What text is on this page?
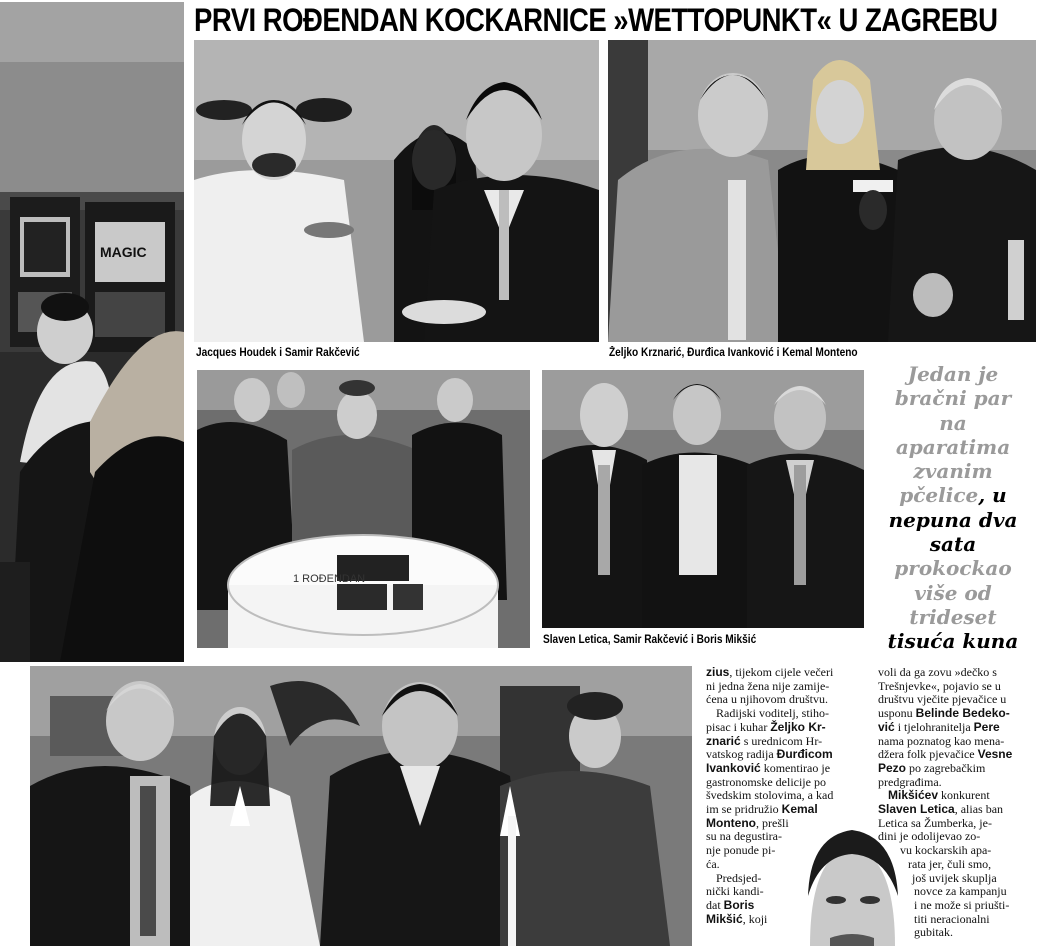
PRVI ROĐENDAN KOCKARNICE »WETTOPUNKT« U ZAGREBU
MAGIC
Jacques Houdek i Samir Rakčević	Željko Krznarić, Đurđica Ivanković i Kemal Monteno
1 ROĐENDAN
Slaven Letica, Samir Rakčević i Boris Mikšić
Jedan je
bračni par
na
aparatima
zvanim
pčelice, u
nepuna dva
sata
prokockao
više od
trideset
tisuća kuna
zius, tijekom cijele večeri
ni jedna žena nije zamije-
ćena u njihovom društvu.
Radijski voditelj, stiho-
pisac i kuhar Željko Kr-
znarić s urednicom Hr-
vatskog radija Đurđicom
Ivanković komentirao je
gastronomske delicije po
švedskim stolovima, a kad
im se pridružio Kemal
Monteno, prešli
su na degustira-
nje ponude pi-
ća.
Predsjed-
nički kandi-
dat Boris
Mikšić, koji
voli da ga zovu »dečko s
Trešnjevke«, pojavio se u
društvu vječite pjevačice u
usponu Belinde Bedeko-
vić i tjelohraniteljа Pere
nama poznatog kao mena-
džera folk pjevačice Vesne
Pezo po zagrebačkim
predgrađima.
Mikšićev konkurent
Slaven Letica, alias ban
Letica sa Žumberka, je-
dini je odolijevao zo-
vu kockarskih apa-
rata jer, čuli smo,
još uvijek skuplja
novce za kampanju
i ne može si priušti-
titi neracionalni
gubitak.
